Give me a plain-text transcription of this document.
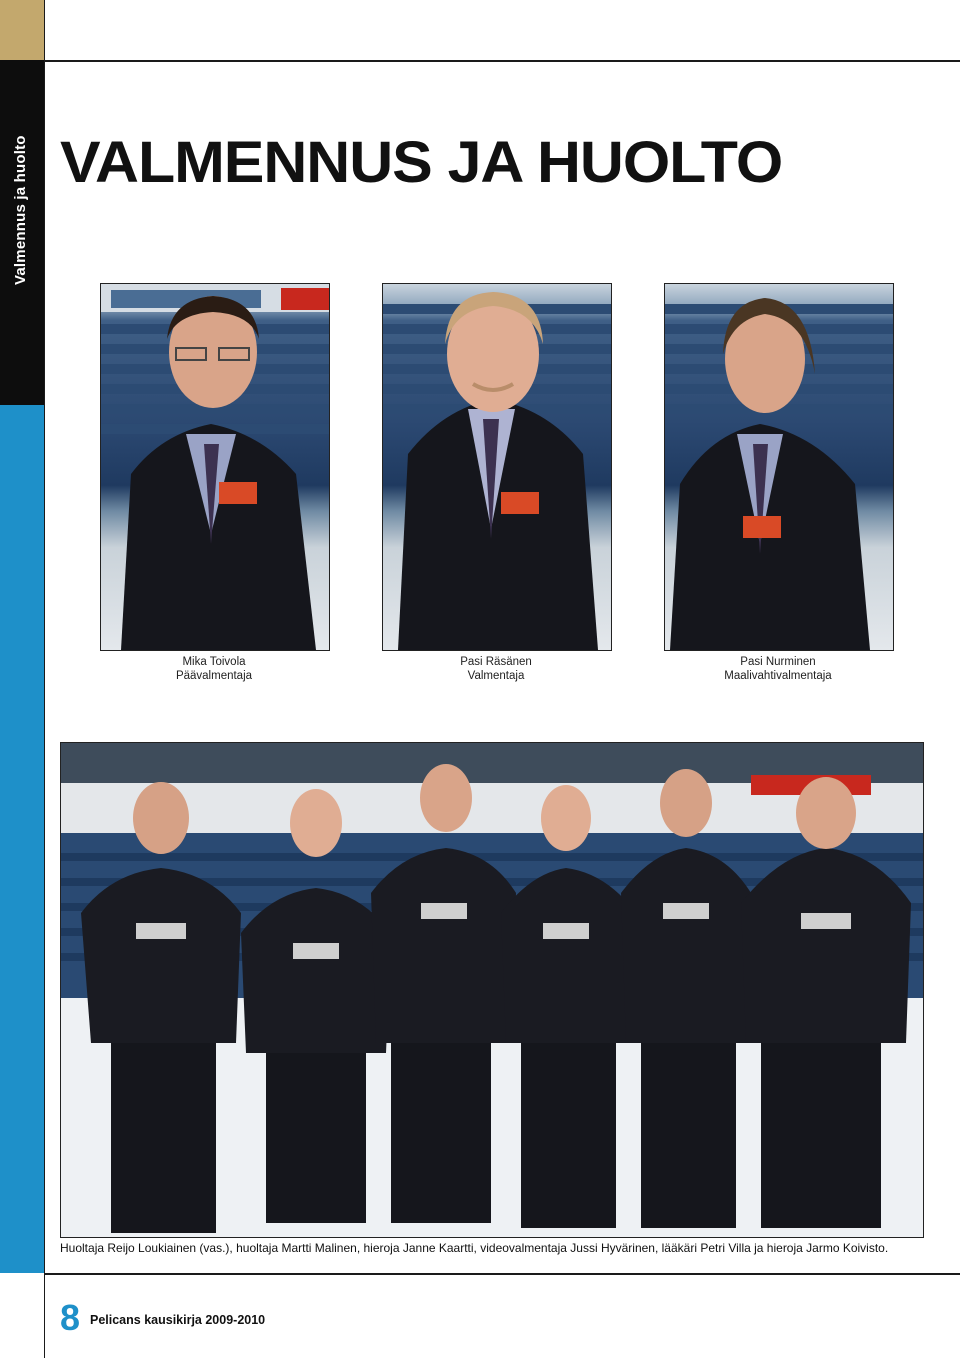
Valmennus ja huolto VALMENNUS JA HUOLTO
Mika Toivola
Päävalmentaja
Pasi Räsänen
Valmentaja
Pasi Nurminen
Maalivahtivalmentaja
Huoltaja Reijo Loukiainen (vas.), huoltaja Martti Malinen, hieroja Janne Kaartti, videovalmentaja Jussi Hyvärinen, lääkäri Petri Villa ja hieroja Jarmo Koivisto.
8 Pelicans kausikirja 2009-2010
